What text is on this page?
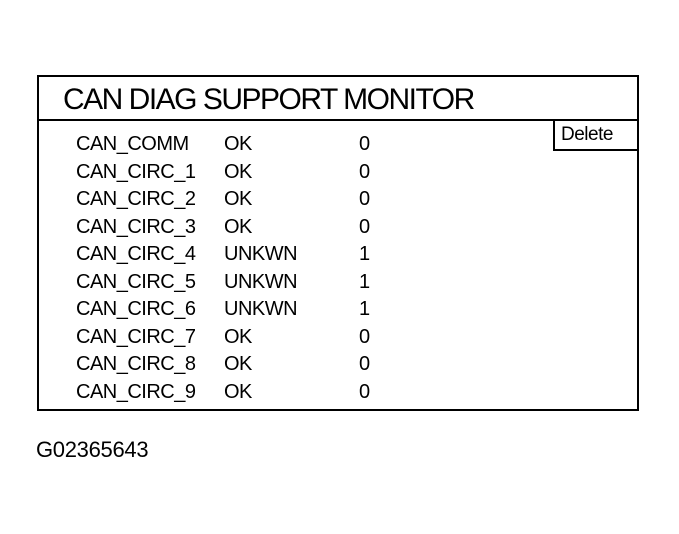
CAN DIAG SUPPORT MONITOR
Delete
CAN_COMM OK	0
CAN_CIRC_1 OK	0
CAN_CIRC_2 OK	0
CAN_CIRC_3 OK	0
CAN_CIRC_4 UNKWN	1
CAN_CIRC_5 UNKWN	1
CAN_CIRC_6 UNKWN	1
CAN_CIRC_7 OK	0
CAN_CIRC_8 OK	0
CAN_CIRC_9 OK	0
G02365643
